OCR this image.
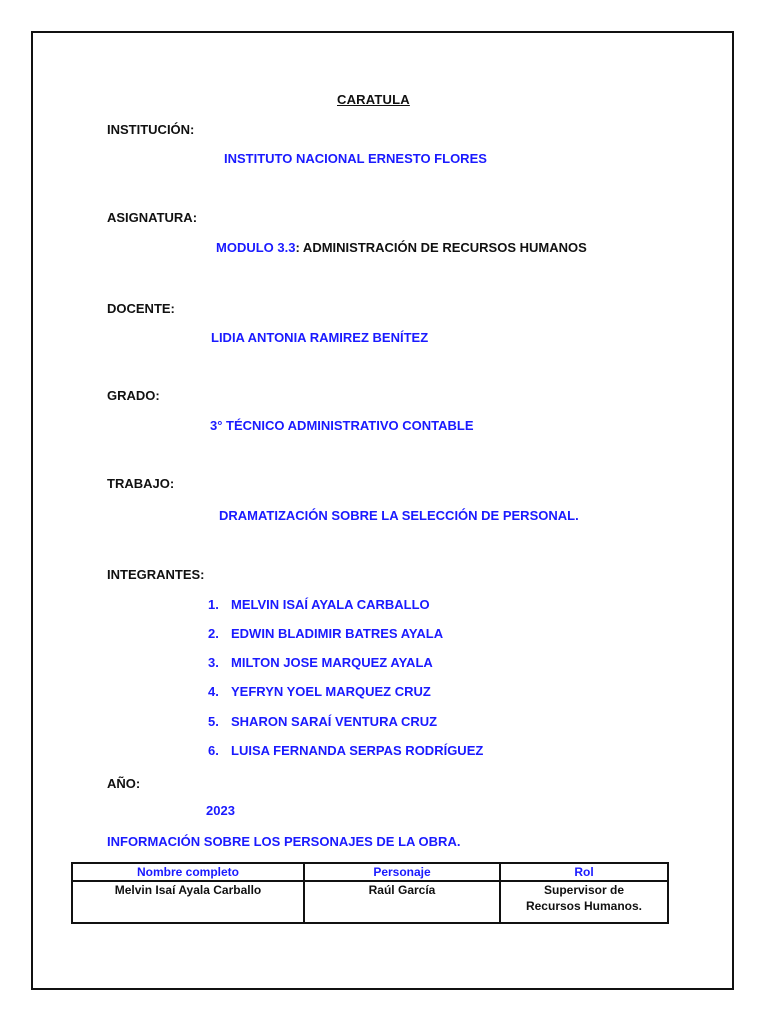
CARATULA
INSTITUCIÓN:
INSTITUTO NACIONAL ERNESTO FLORES
ASIGNATURA:
MODULO 3.3: ADMINISTRACIÓN DE RECURSOS HUMANOS
DOCENTE:
LIDIA ANTONIA RAMIREZ BENÍTEZ
GRADO:
3° TÉCNICO ADMINISTRATIVO CONTABLE
TRABAJO:
DRAMATIZACIÓN SOBRE LA SELECCIÓN DE PERSONAL.
INTEGRANTES:
1. MELVIN ISAÍ AYALA CARBALLO
2. EDWIN BLADIMIR BATRES AYALA
3. MILTON JOSE MARQUEZ AYALA
4. YEFRYN YOEL MARQUEZ CRUZ
5. SHARON SARAÍ VENTURA CRUZ
6. LUISA FERNANDA SERPAS RODRÍGUEZ
AÑO:
2023
INFORMACIÓN SOBRE LOS PERSONAJES DE LA OBRA.
Nombre completo	Personaje	Rol
Melvin Isaí Ayala Carballo	Raúl García	Supervisor de
Recursos Humanos.
